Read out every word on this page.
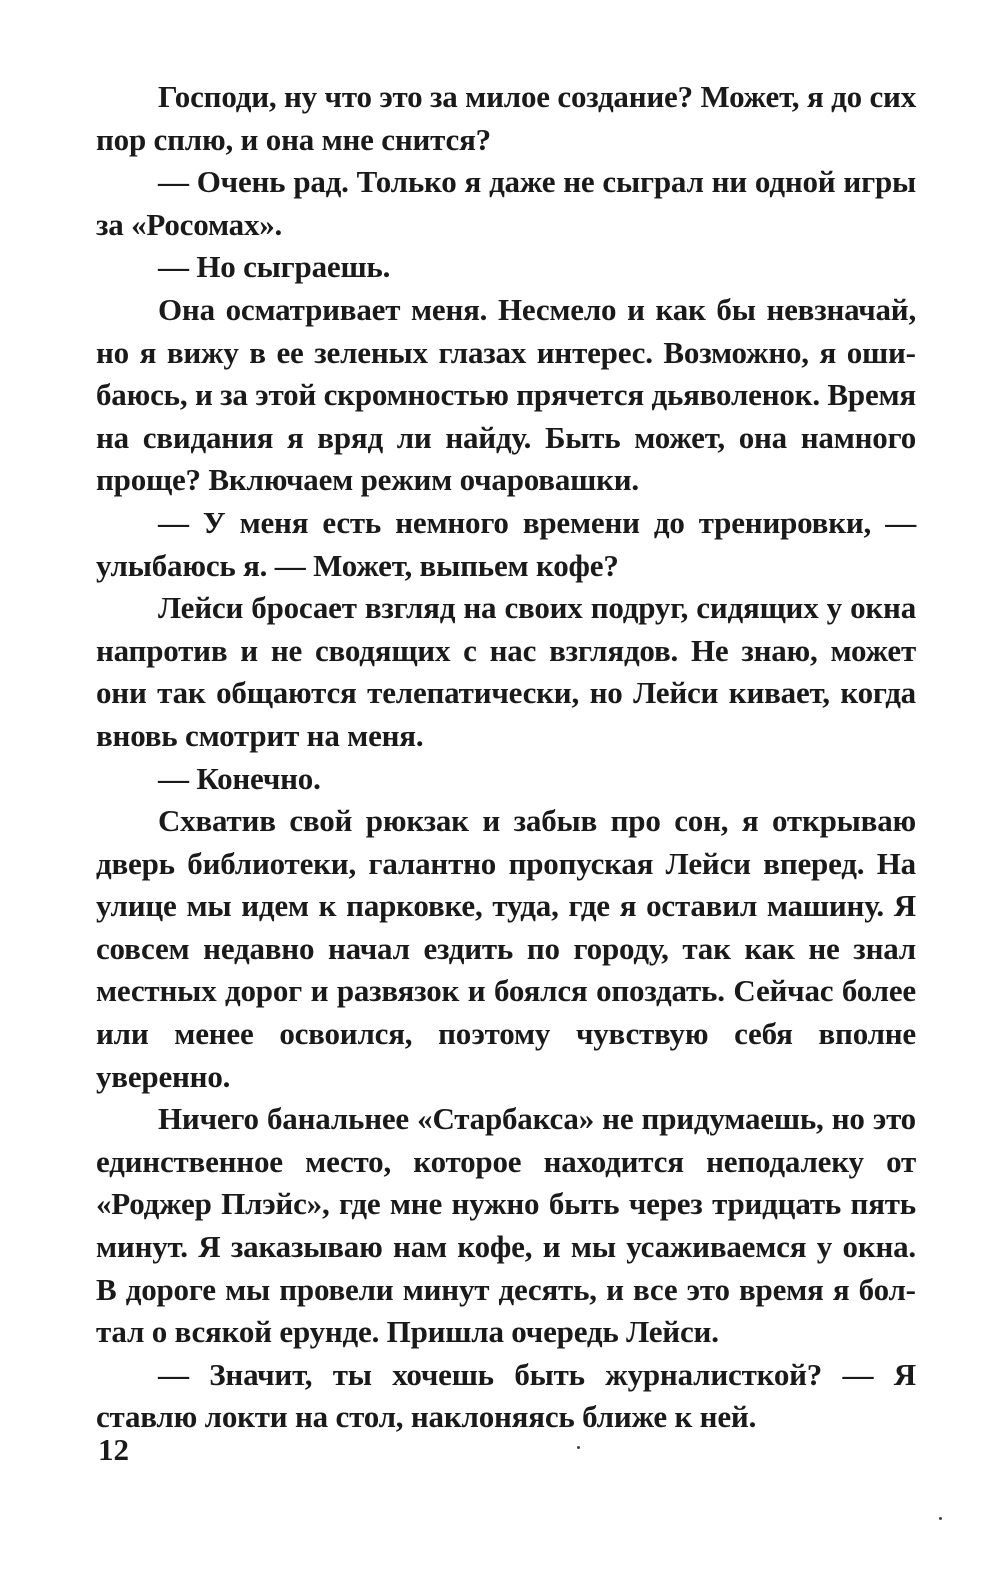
Господи, ну что это за милое создание? Может, я до сих пор сплю, и она мне снится?

— Очень рад. Только я даже не сыграл ни одной игры за «Росомах».

— Но сыграешь.

Она осматривает меня. Несмело и как бы невзначай, но я вижу в ее зеленых глазах интерес. Возможно, я ошибаюсь, и за этой скромностью прячется дьяволенок. Время на свидания я вряд ли найду. Быть может, она намного проще? Включаем режим очаровашки.

— У меня есть немного времени до тренировки, — улыбаюсь я. — Может, выпьем кофе?

Лейси бросает взгляд на своих подруг, сидящих у окна напротив и не сводящих с нас взглядов. Не знаю, может они так общаются телепатически, но Лейси кивает, когда вновь смотрит на меня.

— Конечно.

Схватив свой рюкзак и забыв про сон, я открываю дверь библиотеки, галантно пропуская Лейси вперед. На улице мы идем к парковке, туда, где я оставил машину. Я совсем недавно начал ездить по городу, так как не знал местных дорог и развязок и боялся опоздать. Сейчас более или менее освоился, поэтому чувствую себя вполне уверенно.

Ничего банальнее «Старбакса» не придумаешь, но это единственное место, которое находится неподалеку от «Роджер Плэйс», где мне нужно быть через тридцать пять минут. Я заказываю нам кофе, и мы усаживаемся у окна. В дороге мы провели минут десять, и все это время я болтал о всякой ерунде. Пришла очередь Лейси.

— Значит, ты хочешь быть журналисткой? — Я ставлю локти на стол, наклоняясь ближе к ней.

12
